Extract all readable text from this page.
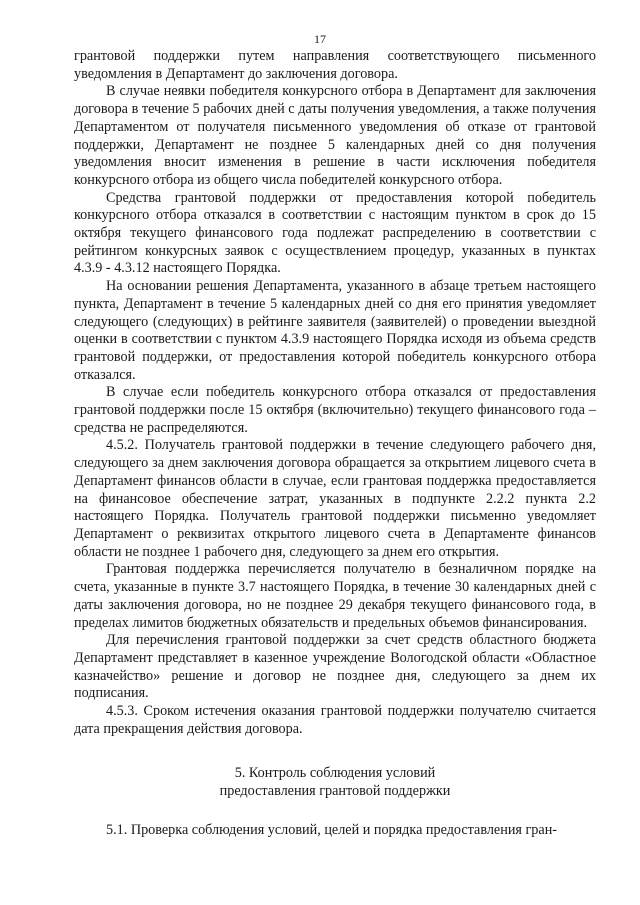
17

грантовой поддержки путем направления соответствующего письменного уведомления в Департамент до заключения договора.

В случае неявки победителя конкурсного отбора в Департамент для заключения договора в течение 5 рабочих дней с даты получения уведомления, а также получения Департаментом от получателя письменного уведомления об отказе от грантовой поддержки, Департамент не позднее 5 календарных дней со дня получения уведомления вносит изменения в решение в части исключения победителя конкурсного отбора из общего числа победителей конкурсного отбора.

Средства грантовой поддержки от предоставления которой победитель конкурсного отбора отказался в соответствии с настоящим пунктом в срок до 15 октября текущего финансового года подлежат распределению в соответствии с рейтингом конкурсных заявок с осуществлением процедур, указанных в пунктах 4.3.9 - 4.3.12 настоящего Порядка.

На основании решения Департамента, указанного в абзаце третьем настоящего пункта, Департамент в течение 5 календарных дней со дня его принятия уведомляет следующего (следующих) в рейтинге заявителя (заявителей) о проведении выездной оценки в соответствии с пунктом 4.3.9 настоящего Порядка исходя из объема средств грантовой поддержки, от предоставления которой победитель конкурсного отбора отказался.

В случае если победитель конкурсного отбора отказался от предоставления грантовой поддержки после 15 октября (включительно) текущего финансового года – средства не распределяются.

4.5.2. Получатель грантовой поддержки в течение следующего рабочего дня, следующего за днем заключения договора обращается за открытием лицевого счета в Департамент финансов области в случае, если грантовая поддержка предоставляется на финансовое обеспечение затрат, указанных в подпункте 2.2.2 пункта 2.2 настоящего Порядка. Получатель грантовой поддержки письменно уведомляет Департамент о реквизитах открытого лицевого счета в Департаменте финансов области не позднее 1 рабочего дня, следующего за днем его открытия.

Грантовая поддержка перечисляется получателю в безналичном порядке на счета, указанные в пункте 3.7 настоящего Порядка, в течение 30 календарных дней с даты заключения договора, но не позднее 29 декабря текущего финансового года, в пределах лимитов бюджетных обязательств и предельных объемов финансирования.

Для перечисления грантовой поддержки за счет средств областного бюджета Департамент представляет в казенное учреждение Вологодской области «Областное казначейство» решение и договор не позднее дня, следующего за днем их подписания.

4.5.3. Сроком истечения оказания грантовой поддержки получателю считается дата прекращения действия договора.

5. Контроль соблюдения условий
предоставления грантовой поддержки

5.1. Проверка соблюдения условий, целей и порядка предоставления гран-
